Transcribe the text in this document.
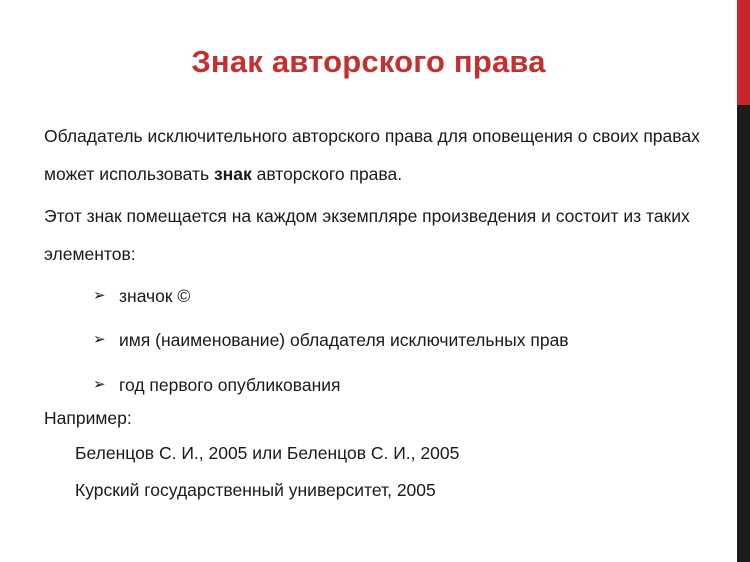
Знак авторского права
Обладатель исключительного авторского права для оповещения о своих правах может использовать знак авторского права.
Этот знак помещается на каждом экземпляре произведения и состоит из таких элементов:
➢ значок ©
➢ имя (наименование) обладателя исключительных прав
➢ год первого опубликования
Например:
Беленцов С. И., 2005 или Беленцов С. И., 2005
Курский государственный университет, 2005
